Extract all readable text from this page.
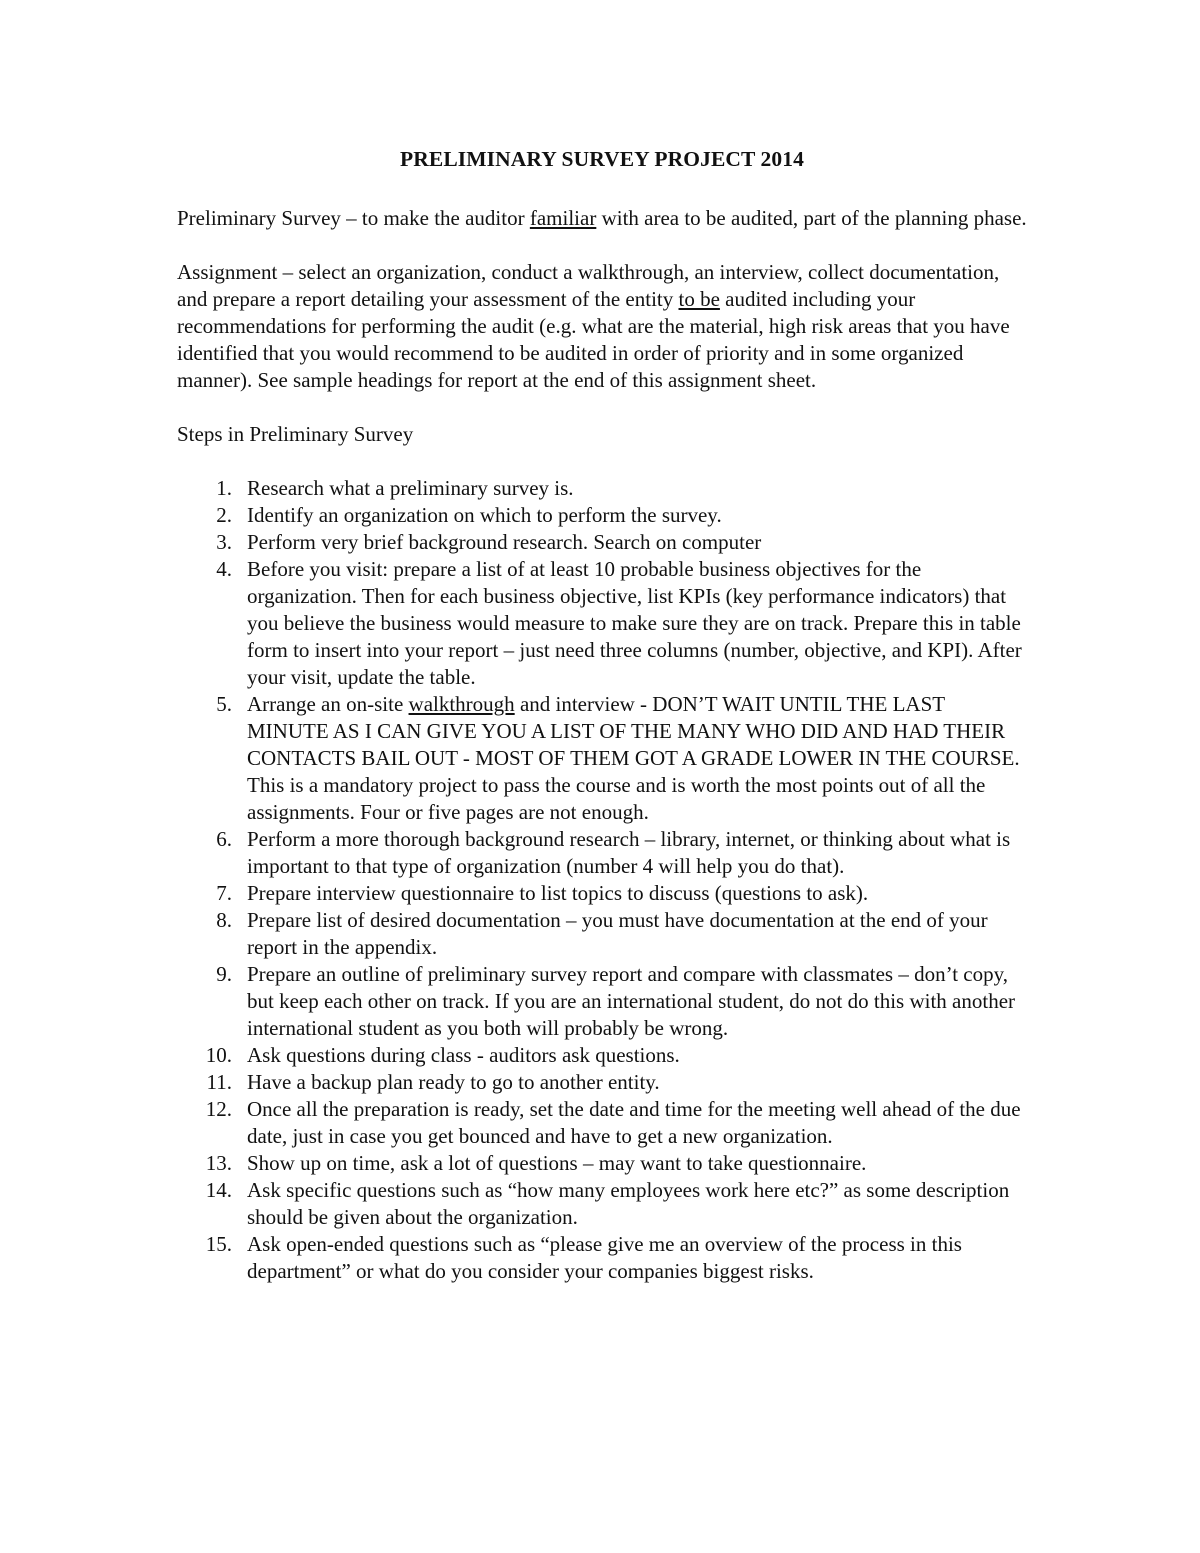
PRELIMINARY SURVEY PROJECT 2014

Preliminary Survey – to make the auditor familiar with area to be audited, part of the planning phase.

Assignment – select an organization, conduct a walkthrough, an interview, collect documentation, and prepare a report detailing your assessment of the entity to be audited including your recommendations for performing the audit (e.g. what are the material, high risk areas that you have identified that you would recommend to be audited in order of priority and in some organized manner). See sample headings for report at the end of this assignment sheet.

Steps in Preliminary Survey
1. Research what a preliminary survey is.
2. Identify an organization on which to perform the survey.
3. Perform very brief background research. Search on computer
4. Before you visit: prepare a list of at least 10 probable business objectives for the organization. Then for each business objective, list KPIs (key performance indicators) that you believe the business would measure to make sure they are on track. Prepare this in table form to insert into your report – just need three columns (number, objective, and KPI). After your visit, update the table.
5. Arrange an on-site walkthrough and interview - DON’T WAIT UNTIL THE LAST MINUTE AS I CAN GIVE YOU A LIST OF THE MANY WHO DID AND HAD THEIR CONTACTS BAIL OUT - MOST OF THEM GOT A GRADE LOWER IN THE COURSE. This is a mandatory project to pass the course and is worth the most points out of all the assignments. Four or five pages are not enough.
6. Perform a more thorough background research – library, internet, or thinking about what is important to that type of organization (number 4 will help you do that).
7. Prepare interview questionnaire to list topics to discuss (questions to ask).
8. Prepare list of desired documentation – you must have documentation at the end of your report in the appendix.
9. Prepare an outline of preliminary survey report and compare with classmates – don’t copy, but keep each other on track. If you are an international student, do not do this with another international student as you both will probably be wrong.
10. Ask questions during class - auditors ask questions.
11. Have a backup plan ready to go to another entity.
12. Once all the preparation is ready, set the date and time for the meeting well ahead of the due date, just in case you get bounced and have to get a new organization.
13. Show up on time, ask a lot of questions – may want to take questionnaire.
14. Ask specific questions such as “how many employees work here etc?” as some description should be given about the organization.
15. Ask open-ended questions such as “please give me an overview of the process in this department” or what do you consider your companies biggest risks.
